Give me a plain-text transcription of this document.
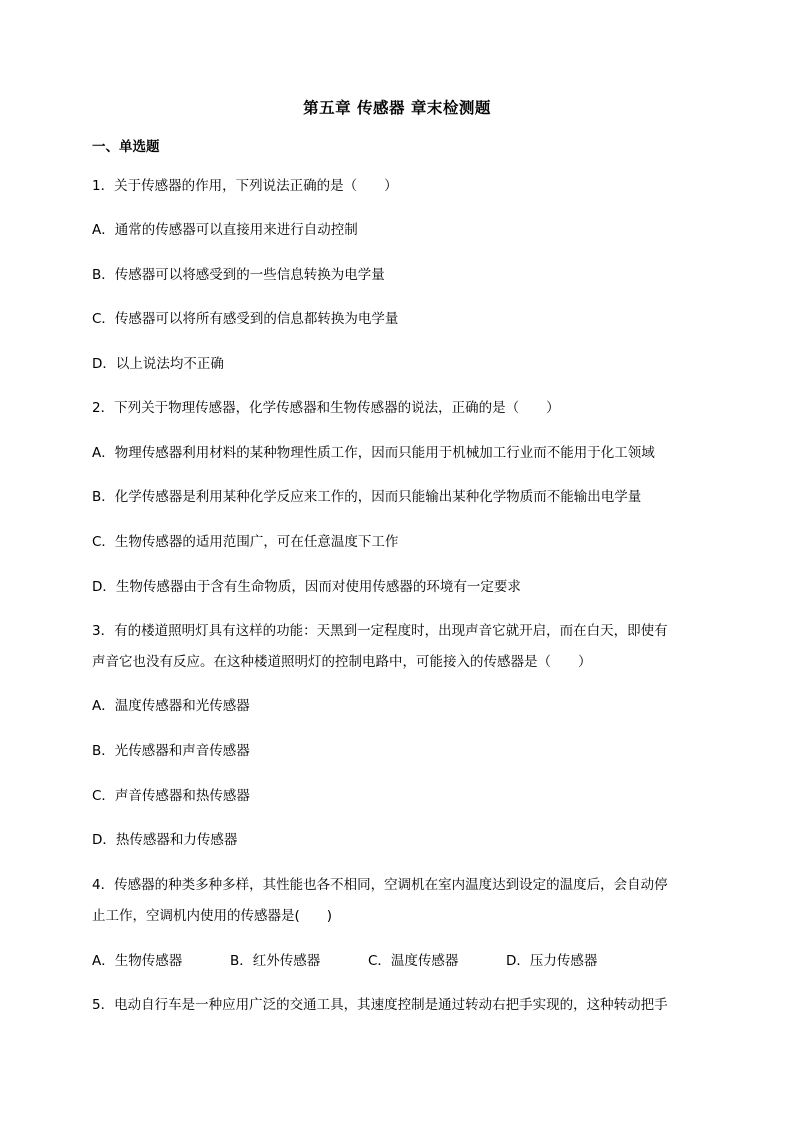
第五章 传感器 章末检测题
一、单选题
1．关于传感器的作用，下列说法正确的是（　　）
A．通常的传感器可以直接用来进行自动控制
B．传感器可以将感受到的一些信息转换为电学量
C．传感器可以将所有感受到的信息都转换为电学量
D．以上说法均不正确
2．下列关于物理传感器，化学传感器和生物传感器的说法，正确的是（　　）
A．物理传感器利用材料的某种物理性质工作，因而只能用于机械加工行业而不能用于化工领域
B．化学传感器是利用某种化学反应来工作的，因而只能输出某种化学物质而不能输出电学量
C．生物传感器的适用范围广，可在任意温度下工作
D．生物传感器由于含有生命物质，因而对使用传感器的环境有一定要求
3．有的楼道照明灯具有这样的功能：天黑到一定程度时，出现声音它就开启，而在白天，即使有
声音它也没有反应。在这种楼道照明灯的控制电路中，可能接入的传感器是（　　）
A．温度传感器和光传感器
B．光传感器和声音传感器
C．声音传感器和热传感器
D．热传感器和力传感器
4．传感器的种类多种多样，其性能也各不相同，空调机在室内温度达到设定的温度后，会自动停
止工作，空调机内使用的传感器是(　　)
A．生物传感器	B．红外传感器	C．温度传感器	D．压力传感器
5．电动自行车是一种应用广泛的交通工具，其速度控制是通过转动右把手实现的，这种转动把手
